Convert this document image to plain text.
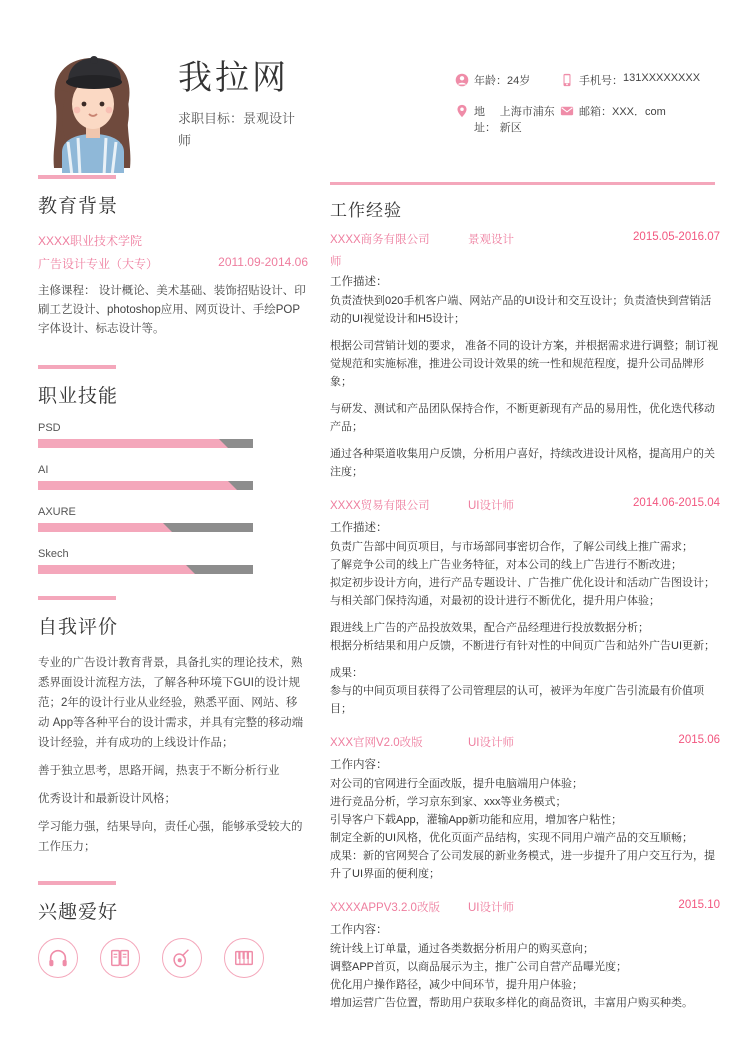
我拉网
求职目标：景观设计师
年龄： 24岁	手机号： 131XXXXXXXX
地址：
上海市浦东新区
邮箱： XXX．com
教育背景
XXXX职业技术学院
广告设计专业（大专）	2011.09-2014.06
主修课程： 设计概论、美术基础、装饰招贴设计、印刷工艺设计、photoshop应用、网页设计、手绘POP字体设计、标志设计等。
职业技能
PSD
AI
AXURE
Skech
自我评价

专业的广告设计教育背景，具备扎实的理论技术，熟悉界面设计流程方法，了解各种环境下GUI的设计规范；2年的设计行业从业经验，熟悉平面、网站、移动 App等各种平台的设计需求，并具有完整的移动端设计经验，并有成功的上线设计作品；

善于独立思考，思路开阔，热衷于不断分析行业

优秀设计和最新设计风格；

学习能力强，结果导向，责任心强，能够承受较大的工作压力；

兴趣爱好
工作经验
XXXX商务有限公司	景观设计	2015.05-2016.07
师
工作描述：

负责渣快到020手机客户端、网站产品的UI设计和交互设计；负责渣快到营销活动的UI视觉设计和H5设计；

根据公司营销计划的要求， 准备不同的设计方案，并根据需求进行调整；制订视觉规范和实施标准，推进公司设计效果的统一性和规范程度，提升公司品牌形象；

与研发、测试和产品团队保持合作，不断更新现有产品的易用性，优化迭代移动产品；

通过各种渠道收集用户反馈，分析用户喜好，持续改进设计风格，提高用户的关注度；

XXXX贸易有限公司	UI设计师	2014.06-2015.04
工作描述：

负责广告部中间页项目，与市场部同事密切合作，了解公司线上推广需求；

了解竞争公司的线上广告业务特征，对本公司的线上广告进行不断改进；

拟定初步设计方向，进行产品专题设计、广告推广优化设计和活动广告图设计；与相关部门保持沟通，对最初的设计进行不断优化，提升用户体验；

跟进线上广告的产品投放效果，配合产品经理进行投放数据分析；

根据分析结果和用户反馈，不断进行有针对性的中间页广告和站外广告UI更新；

成果：

参与的中间页项目获得了公司管理层的认可，被评为年度广告引流最有价值项目；

XXX官网V2.0改版	UI设计师	2015.06
工作内容：

对公司的官网进行全面改版，提升电脑端用户体验；

进行竞品分析，学习京东到家、xxx等业务模式；

引导客户下载App，灌输App新功能和应用，增加客户粘性；

制定全新的UI风格，优化页面产品结构，实现不同用户端产品的交互顺畅；

成果：新的官网契合了公司发展的新业务模式，进一步提升了用户交互行为，提升了UI界面的便利度；

XXXXAPPV3.2.0改版	UI设计师	2015.10
工作内容：

统计线上订单量，通过各类数据分析用户的购买意向；

调整APP首页，以商品展示为主，推广公司自营产品曝光度；

优化用户操作路径，减少中间环节，提升用户体验；

增加运营广告位置，帮助用户获取多样化的商品资讯，丰富用户购买种类。
